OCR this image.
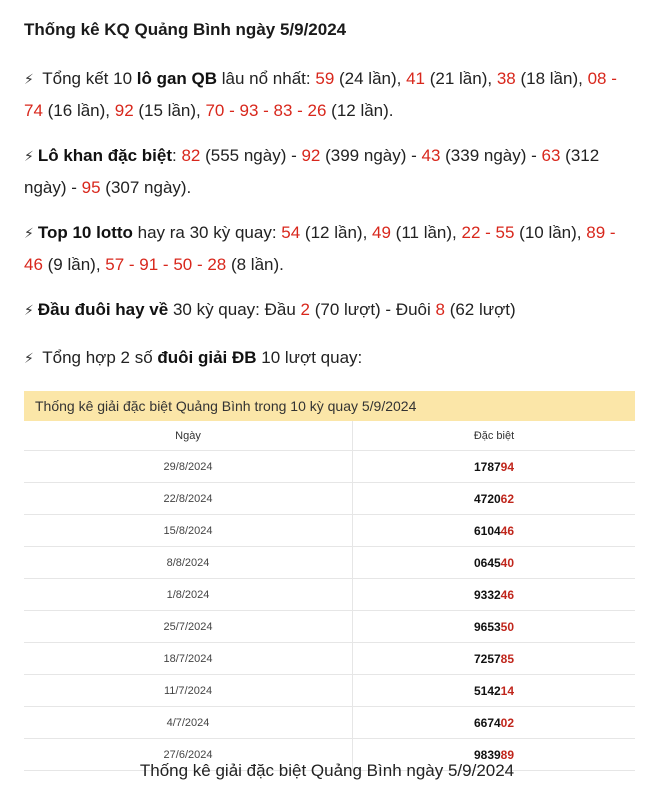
Thống kê KQ Quảng Bình ngày 5/9/2024
⚡ Tổng kết 10 lô gan QB lâu nổ nhất: 59 (24 lần), 41 (21 lần), 38 (18 lần), 08 - 74 (16 lần), 92 (15 lần), 70 - 93 - 83 - 26 (12 lần).
⚡ Lô khan đặc biệt: 82 (555 ngày) - 92 (399 ngày) - 43 (339 ngày) - 63 (312 ngày) - 95 (307 ngày).
⚡ Top 10 lotto hay ra 30 kỳ quay: 54 (12 lần), 49 (11 lần), 22 - 55 (10 lần), 89 - 46 (9 lần), 57 - 91 - 50 - 28 (8 lần).
⚡ Đầu đuôi hay về 30 kỳ quay: Đầu 2 (70 lượt) - Đuôi 8 (62 lượt)
⚡ Tổng hợp 2 số đuôi giải ĐB 10 lượt quay:
Thống kê giải đặc biệt Quảng Bình trong 10 kỳ quay 5/9/2024
Ngày	Đặc biệt
29/8/2024	178794
22/8/2024	472062
15/8/2024	610446
8/8/2024	064540
1/8/2024	933246
25/7/2024	965350
18/7/2024	725785
11/7/2024	514214
4/7/2024	667402
27/6/2024	983989
Thống kê giải đặc biệt Quảng Bình ngày 5/9/2024
